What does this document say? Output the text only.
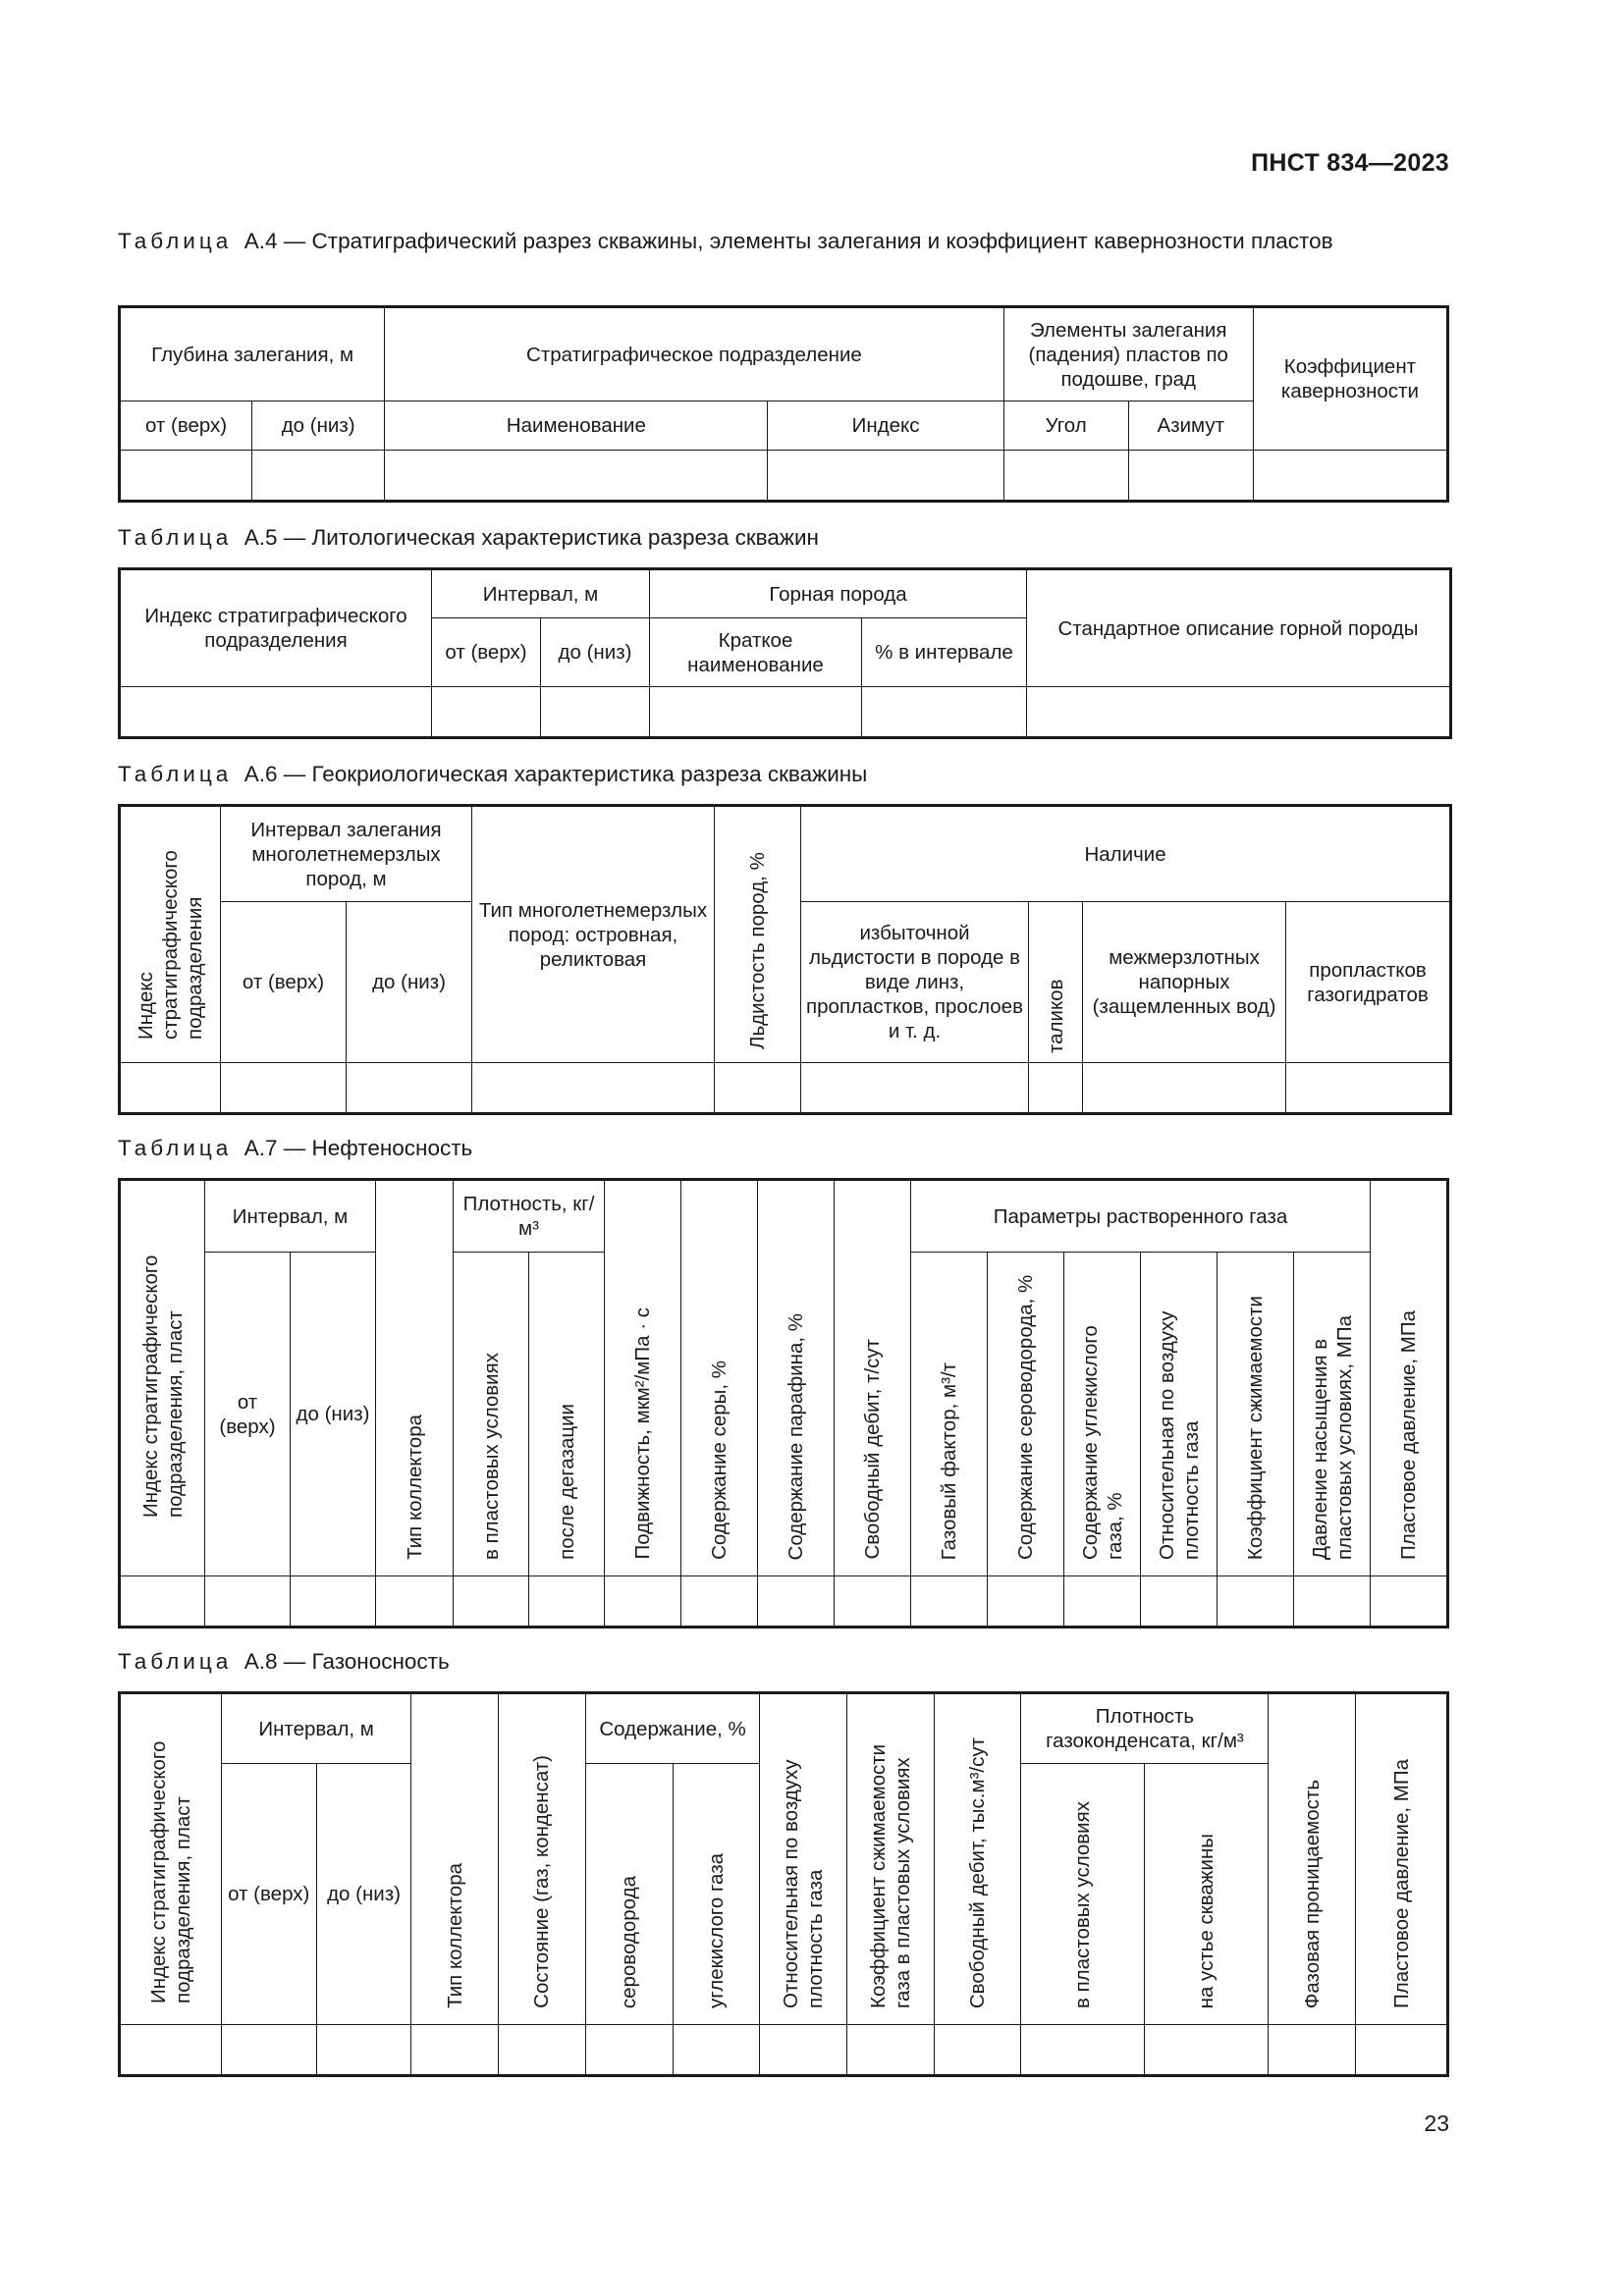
ПНСТ 834—2023
Таблица А.4 — Стратиграфический разрез скважины, элементы залегания и коэффициент кавернозности пластов
Глубина залегания, м		Стратиграфическое подразделение		Элементы залегания (падения) пластов по подошве, град		Коэффициент кавернозности
от (верх)	до (низ)	Наименование	Индекс	Угол	Азимут	

Таблица А.5 — Литологическая характеристика разреза скважин
Индекс стратиграфического подразделения	Интервал, м		Горная порода		Стандартное описание горной породы
	от (верх)	до (низ)	Краткое наименование	% в интервале	

Таблица А.6 — Геокриологическая характеристика разреза скважины
Индекс стратиграфического подразделения	Интервал залегания многолетнемерзлых пород, м		Тип многолетнемерзлых пород: островная, реликтовая	Льдистость пород, %	Наличие			
	от (верх)	до (низ)			избыточной льдистости в породе в виде линз, пропластков, прослоев и т. д.	таликов	межмерзлотных напорных (защемленных вод)	пропластков газогидратов

Таблица А.7 — Нефтеносность
Индекс стратиграфического подразделения, пласт	Интервал, м		Тип коллектора	Плотность, кг/м³		Подвижность, мкм²/мПа · с	Содержание серы, %	Содержание парафина, %	Свободный дебит, т/сут	Параметры растворенного газа						Пластовое давление, МПа
	от (верх)	до (низ)		в пластовых условиях	после дегазации					Газовый фактор, м³/т	Содержание сероводорода, %	Содержание углекислого газа, %	Относительная по воздуху плотность газа	Коэффициент сжимаемости	Давление насыщения в пластовых условиях, МПа	

Таблица А.8 — Газоносность
Индекс стратиграфического подразделения, пласт	Интервал, м		Тип коллектора	Состояние (газ, конденсат)	Содержание, %		Относительная по воздуху плотность газа	Коэффициент сжимаемости газа в пластовых условиях	Свободный дебит, тыс.м³/сут	Плотность газоконденсата, кг/м³		Фазовая проницаемость	Пластовое давление, МПа
	от (верх)	до (низ)			сероводорода	углекислого газа				в пластовых условиях	на устье скважины		

23
